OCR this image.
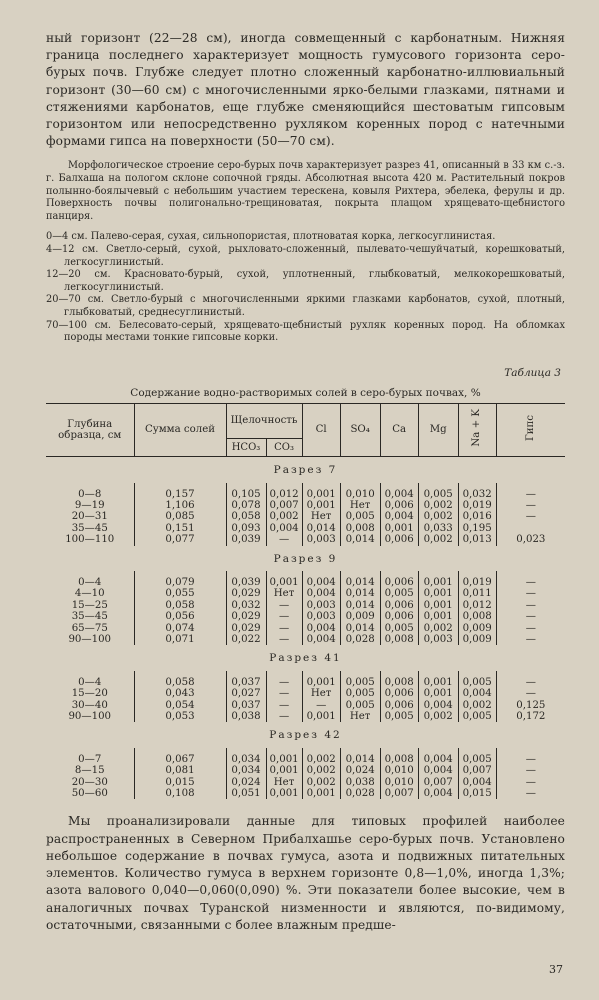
ный горизонт (22—28 см), иногда совмещенный с карбонатным. Нижняя граница последнего характеризует мощность гумусового горизонта серо-бурых почв. Глубже следует плотно сложенный карбонатно-иллювиальный горизонт (30—60 см) с многочисленными ярко-белыми глазками, пятнами и стяжениями карбонатов, еще глубже сменяющийся шестоватым гипсовым горизонтом или непосредственно рухляком коренных пород с натечными формами гипса на поверхности (50—70 см).

Морфологическое строение серо-бурых почв характеризует разрез 41, описанный в 33 км с.-з. г. Балхаша на пологом склоне сопочной гряды. Абсолютная высота 420 м. Растительный покров полынно-боялычевый с небольшим участием терескена, ковыля Рихтера, эбелека, ферулы и др. Поверхность почвы полигонально-трещиноватая, покрыта плащом хрящевато-щебнистого панциря.

0—4 см. Палево-серая, сухая, сильнопористая, плотноватая корка, легкосуглинистая.

4—12 см. Светло-серый, сухой, рыхловато-сложенный, пылевато-чешуйчатый, корешковатый, легкосуглинистый.

12—20 см. Красновато-бурый, сухой, уплотненный, глыбковатый, мелкокорешковатый, легкосуглинистый.

20—70 см. Светло-бурый с многочисленными яркими глазками карбонатов, сухой, плотный, глыбковатый, среднесуглинистый.

70—100 см. Белесовато-серый, хрящевато-щебнистый рухляк коренных пород. На обломках породы местами тонкие гипсовые корки.

Таблица 3
Содержание водно-растворимых солей в серо-бурых почвах, %
Глубина образца, см	Сумма солей	Щелочность		Cl	SO₄	Ca	Mg	Na + K	Гипс
		HCO₃	CO₃						
Разрез 7									

0—8	0,157	0,105	0,012	0,001	0,010	0,004	0,005	0,032	—
9—19	1,106	0,078	0,007	0,001	Нет	0,006	0,002	0,019	—
20—31	0,085	0,058	0,002	Нет	0,005	0,004	0,002	0,016	—
35—45	0,151	0,093	0,004	0,014	0,008	0,001	0,033	0,195	
100—110	0,077	0,039	—	0,003	0,014	0,006	0,002	0,013	0,023
Разрез 9									

0—4	0,079	0,039	0,001	0,004	0,014	0,006	0,001	0,019	—
4—10	0,055	0,029	Нет	0,004	0,014	0,005	0,001	0,011	—
15—25	0,058	0,032	—	0,003	0,014	0,006	0,001	0,012	—
35—45	0,056	0,029	—	0,003	0,009	0,006	0,001	0,008	—
65—75	0,074	0,029	—	0,004	0,014	0,005	0,002	0,009	—
90—100	0,071	0,022	—	0,004	0,028	0,008	0,003	0,009	—
Разрез 41									

0—4	0,058	0,037	—	0,001	0,005	0,008	0,001	0,005	—
15—20	0,043	0,027	—	Нет	0,005	0,006	0,001	0,004	—
30—40	0,054	0,037	—	—	0,005	0,006	0,004	0,002	0,125
90—100	0,053	0,038	—	0,001	Нет	0,005	0,002	0,005	0,172
Разрез 42									

0—7	0,067	0,034	0,001	0,002	0,014	0,008	0,004	0,005	—
8—15	0,081	0,034	0,001	0,002	0,024	0,010	0,004	0,007	—
20—30	0,015	0,024	Нет	0,002	0,038	0,010	0,007	0,004	—
50—60	0,108	0,051	0,001	0,001	0,028	0,007	0,004	0,015	—

Мы проанализировали данные для типовых профилей наиболее распространенных в Северном Прибалхашье серо-бурых почв. Установлено небольшое содержание в почвах гумуса, азота и подвижных питательных элементов. Количество гумуса в верхнем горизонте 0,8—1,0%, иногда 1,3%; азота валового 0,040—0,060(0,090) %. Эти показатели более высокие, чем в аналогичных почвах Туранской низменности и являются, по-видимому, остаточными, связанными с более влажным предше-

37
